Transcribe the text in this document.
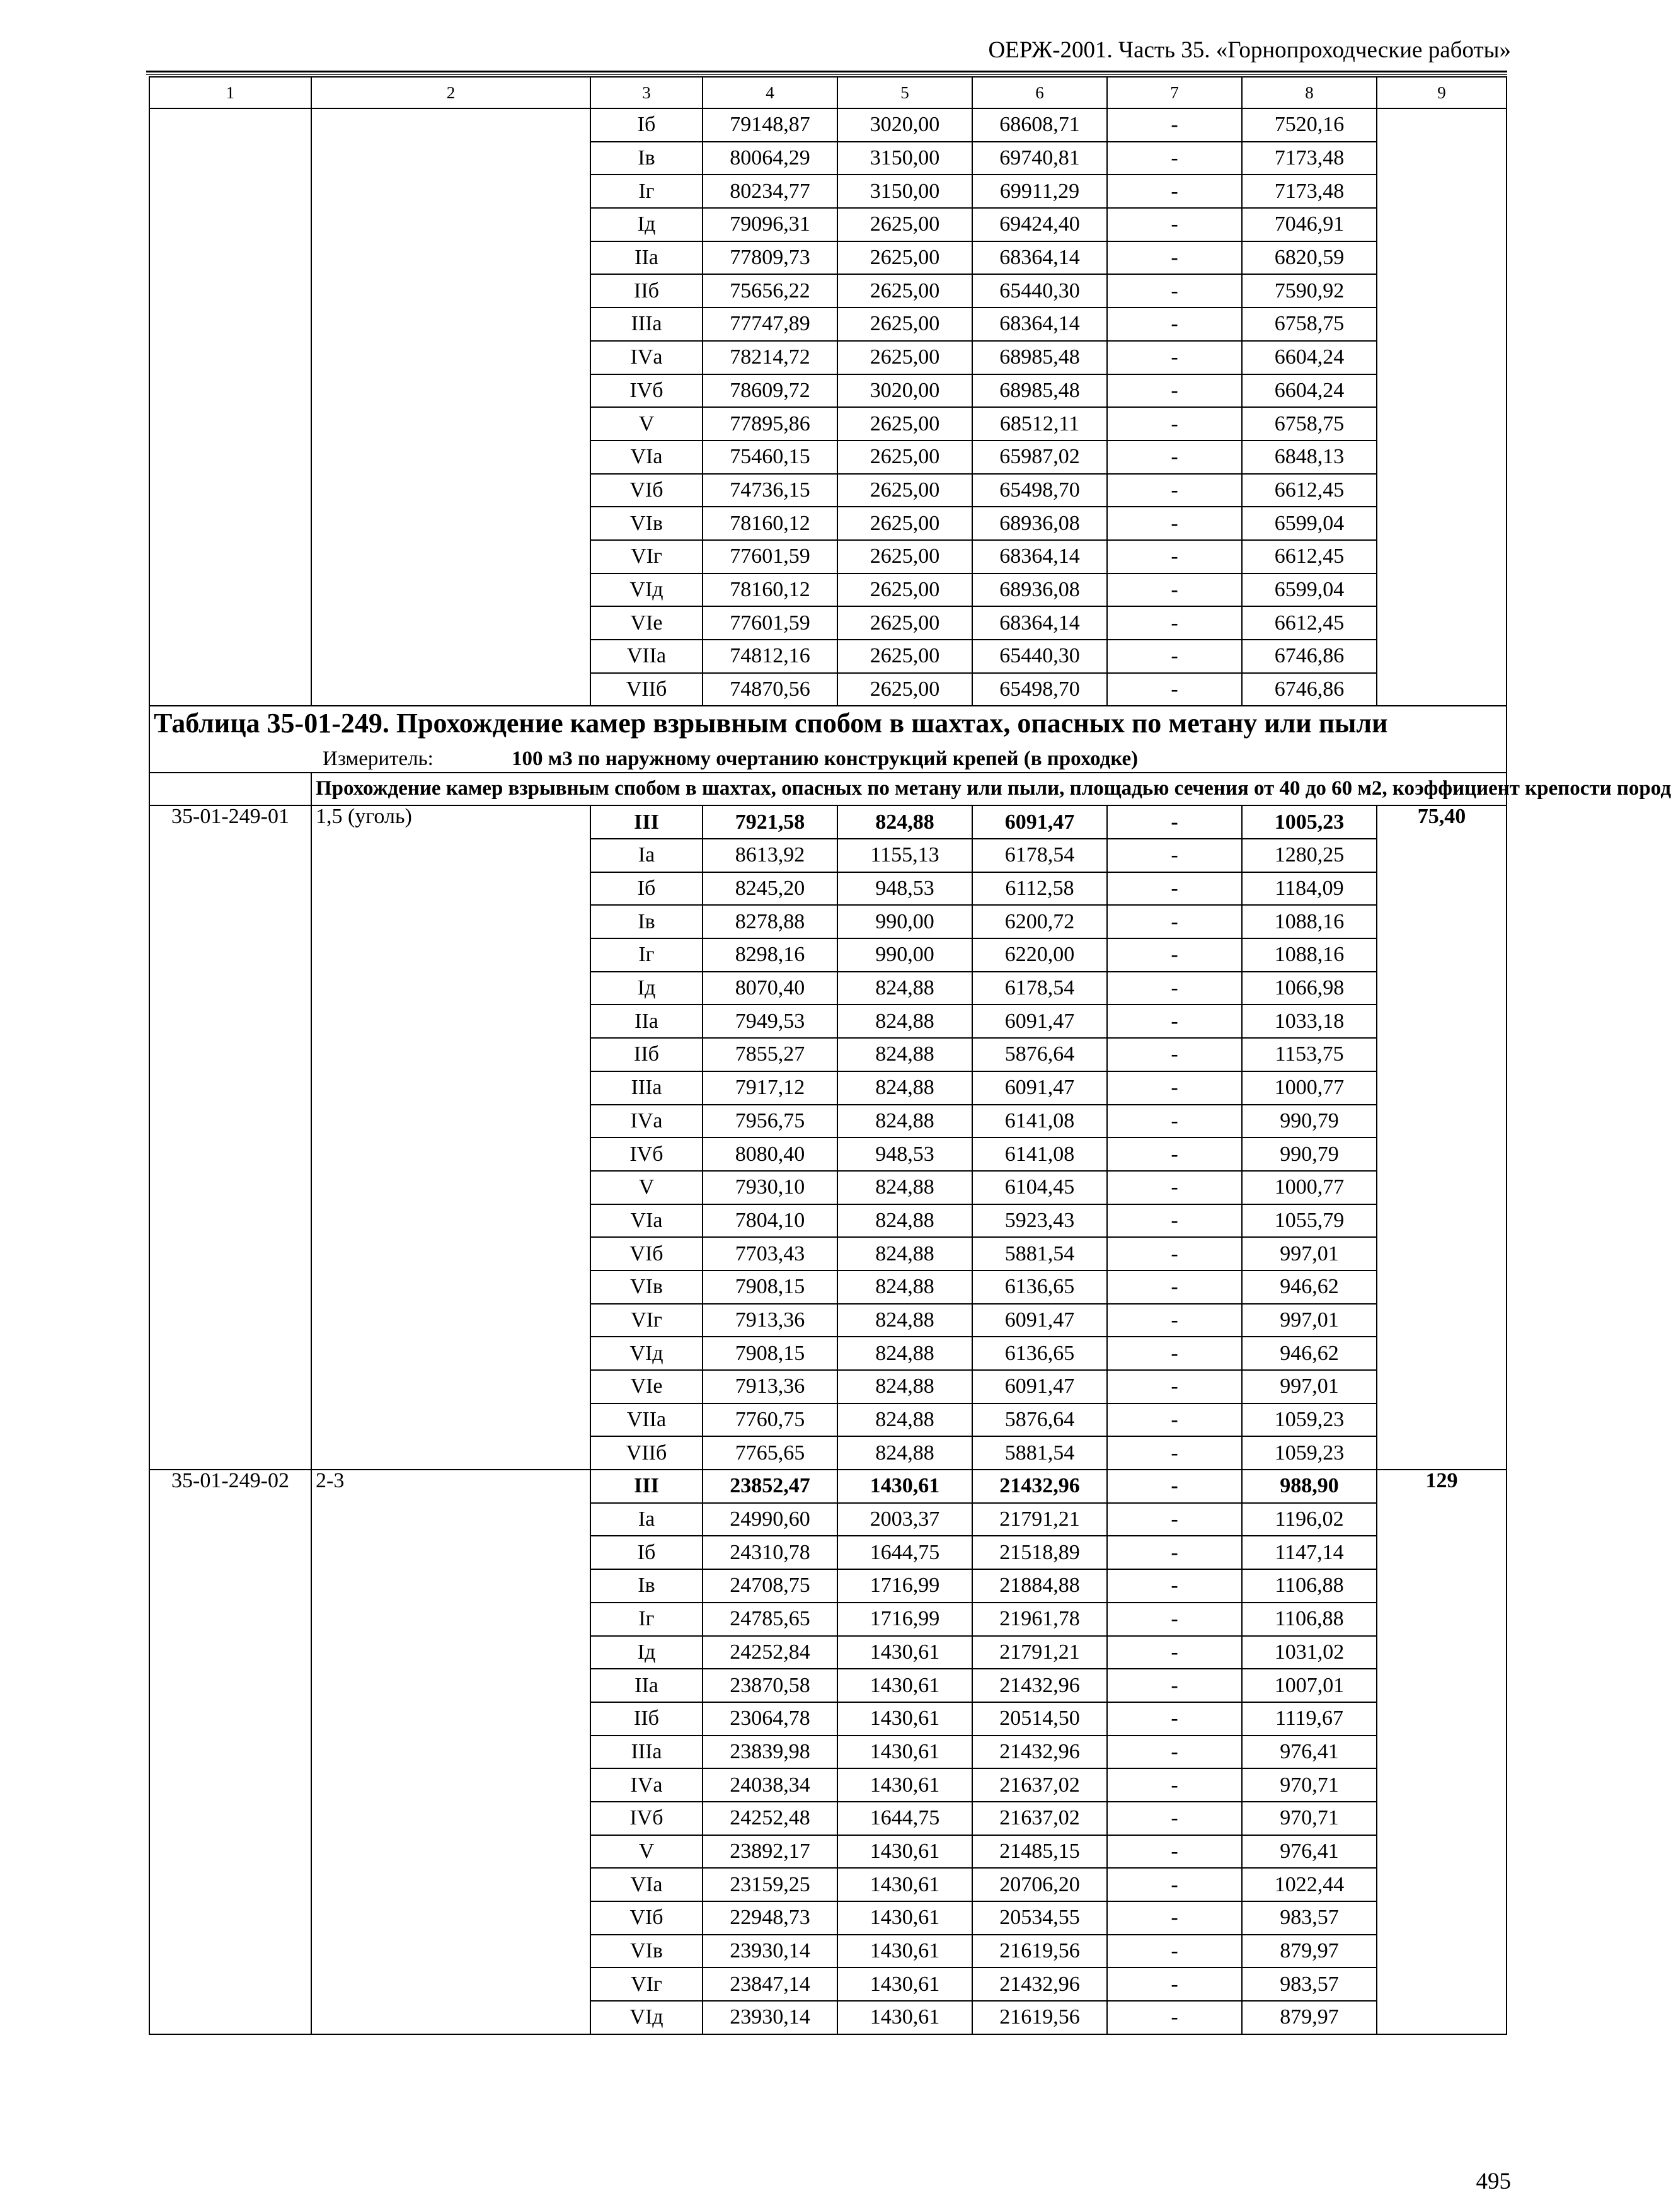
ОЕРЖ-2001. Часть 35. «Горнопроходческие работы»
1	2	3	4	5	6	7	8	9
		Iб	79148,87	3020,00	68608,71	-	7520,16	
		Iв	80064,29	3150,00	69740,81	-	7173,48	
		Iг	80234,77	3150,00	69911,29	-	7173,48	
		Iд	79096,31	2625,00	69424,40	-	7046,91	
		IIа	77809,73	2625,00	68364,14	-	6820,59	
		IIб	75656,22	2625,00	65440,30	-	7590,92	
		IIIа	77747,89	2625,00	68364,14	-	6758,75	
		IVа	78214,72	2625,00	68985,48	-	6604,24	
		IVб	78609,72	3020,00	68985,48	-	6604,24	
		V	77895,86	2625,00	68512,11	-	6758,75	
		VIа	75460,15	2625,00	65987,02	-	6848,13	
		VIб	74736,15	2625,00	65498,70	-	6612,45	
		VIв	78160,12	2625,00	68936,08	-	6599,04	
		VIг	77601,59	2625,00	68364,14	-	6612,45	
		VIд	78160,12	2625,00	68936,08	-	6599,04	
		VIе	77601,59	2625,00	68364,14	-	6612,45	
		VIIа	74812,16	2625,00	65440,30	-	6746,86	
		VIIб	74870,56	2625,00	65498,70	-	6746,86	

Таблица 35-01-249. Прохождение камер взрывным спобом в шахтах, опасных по метану или пыли
Измеритель: 100 м3 по наружному очертанию конструкций крепей (в проходке)								

	Прохождение камер взрывным спобом в шахтах, опасных по метану или пыли, площадью сечения от 40 до 60 м2, коэффициент крепости пород							
35-01-249-01	1,5 (уголь)	III	7921,58	824,88	6091,47	-	1005,23	75,40
		Iа	8613,92	1155,13	6178,54	-	1280,25	
		Iб	8245,20	948,53	6112,58	-	1184,09	
		Iв	8278,88	990,00	6200,72	-	1088,16	
		Iг	8298,16	990,00	6220,00	-	1088,16	
		Iд	8070,40	824,88	6178,54	-	1066,98	
		IIа	7949,53	824,88	6091,47	-	1033,18	
		IIб	7855,27	824,88	5876,64	-	1153,75	
		IIIа	7917,12	824,88	6091,47	-	1000,77	
		IVа	7956,75	824,88	6141,08	-	990,79	
		IVб	8080,40	948,53	6141,08	-	990,79	
		V	7930,10	824,88	6104,45	-	1000,77	
		VIа	7804,10	824,88	5923,43	-	1055,79	
		VIб	7703,43	824,88	5881,54	-	997,01	
		VIв	7908,15	824,88	6136,65	-	946,62	
		VIг	7913,36	824,88	6091,47	-	997,01	
		VIд	7908,15	824,88	6136,65	-	946,62	
		VIе	7913,36	824,88	6091,47	-	997,01	
		VIIа	7760,75	824,88	5876,64	-	1059,23	
		VIIб	7765,65	824,88	5881,54	-	1059,23	
35-01-249-02	2-3	III	23852,47	1430,61	21432,96	-	988,90	129
		Iа	24990,60	2003,37	21791,21	-	1196,02	
		Iб	24310,78	1644,75	21518,89	-	1147,14	
		Iв	24708,75	1716,99	21884,88	-	1106,88	
		Iг	24785,65	1716,99	21961,78	-	1106,88	
		Iд	24252,84	1430,61	21791,21	-	1031,02	
		IIа	23870,58	1430,61	21432,96	-	1007,01	
		IIб	23064,78	1430,61	20514,50	-	1119,67	
		IIIа	23839,98	1430,61	21432,96	-	976,41	
		IVа	24038,34	1430,61	21637,02	-	970,71	
		IVб	24252,48	1644,75	21637,02	-	970,71	
		V	23892,17	1430,61	21485,15	-	976,41	
		VIа	23159,25	1430,61	20706,20	-	1022,44	
		VIб	22948,73	1430,61	20534,55	-	983,57	
		VIв	23930,14	1430,61	21619,56	-	879,97	
		VIг	23847,14	1430,61	21432,96	-	983,57	
		VIд	23930,14	1430,61	21619,56	-	879,97	
495
